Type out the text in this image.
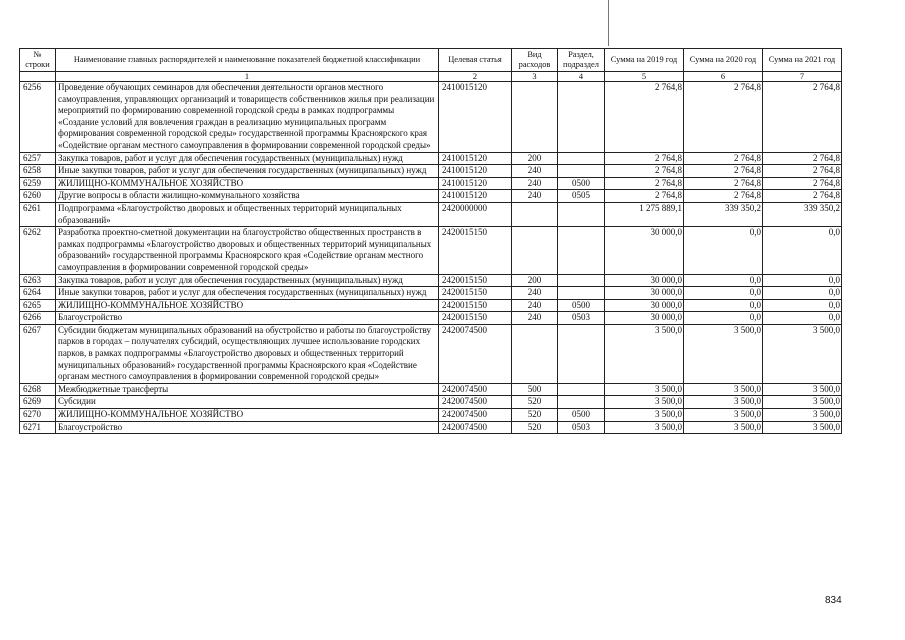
№ строки	Наименование главных распорядителей и наименование показателей бюджетной классификации	Целевая статья	Вид расходов	Раздел, подраздел	Сумма на 2019 год	Сумма на 2020 год	Сумма на 2021 год
	1	2	3	4	5	6	7
6256	Проведение обучающих семинаров для обеспечения деятельности органов местного самоуправления, управляющих организаций и товариществ собственников жилья при реализации мероприятий по формированию современной городской среды в рамках подпрограммы «Создание условий для вовлечения граждан в реализацию муниципальных программ формирования современной городской среды» государственной программы Красноярского края «Содействие органам местного самоуправления в формировании современной городской среды»	2410015120			2 764,8	2 764,8	2 764,8
6257	Закупка товаров, работ и услуг для обеспечения государственных (муниципальных) нужд	2410015120	200		2 764,8	2 764,8	2 764,8
6258	Иные закупки товаров, работ и услуг для обеспечения государственных (муниципальных) нужд	2410015120	240		2 764,8	2 764,8	2 764,8
6259	ЖИЛИЩНО-КОММУНАЛЬНОЕ ХОЗЯЙСТВО	2410015120	240	0500	2 764,8	2 764,8	2 764,8
6260	Другие вопросы в области жилищно-коммунального хозяйства	2410015120	240	0505	2 764,8	2 764,8	2 764,8
6261	Подпрограмма «Благоустройство дворовых и общественных территорий муниципальных образований»	2420000000			1 275 889,1	339 350,2	339 350,2
6262	Разработка проектно-сметной документации на благоустройство общественных пространств в рамках подпрограммы «Благоустройство дворовых и общественных территорий муниципальных образований» государственной программы Красноярского края «Содействие органам местного самоуправления в формировании современной городской среды»	2420015150			30 000,0	0,0	0,0
6263	Закупка товаров, работ и услуг для обеспечения государственных (муниципальных) нужд	2420015150	200		30 000,0	0,0	0,0
6264	Иные закупки товаров, работ и услуг для обеспечения государственных (муниципальных) нужд	2420015150	240		30 000,0	0,0	0,0
6265	ЖИЛИЩНО-КОММУНАЛЬНОЕ ХОЗЯЙСТВО	2420015150	240	0500	30 000,0	0,0	0,0
6266	Благоустройство	2420015150	240	0503	30 000,0	0,0	0,0
6267	Субсидии бюджетам муниципальных образований на обустройство и работы по благоустройству парков в городах – получателях субсидий, осуществляющих лучшее использование городских парков, в рамках подпрограммы «Благоустройство дворовых и общественных территорий муниципальных образований» государственной программы Красноярского края «Содействие органам местного самоуправления в формировании современной городской среды»	2420074500			3 500,0	3 500,0	3 500,0
6268	Межбюджетные трансферты	2420074500	500		3 500,0	3 500,0	3 500,0
6269	Субсидии	2420074500	520		3 500,0	3 500,0	3 500,0
6270	ЖИЛИЩНО-КОММУНАЛЬНОЕ ХОЗЯЙСТВО	2420074500	520	0500	3 500,0	3 500,0	3 500,0
6271	Благоустройство	2420074500	520	0503	3 500,0	3 500,0	3 500,0
834
